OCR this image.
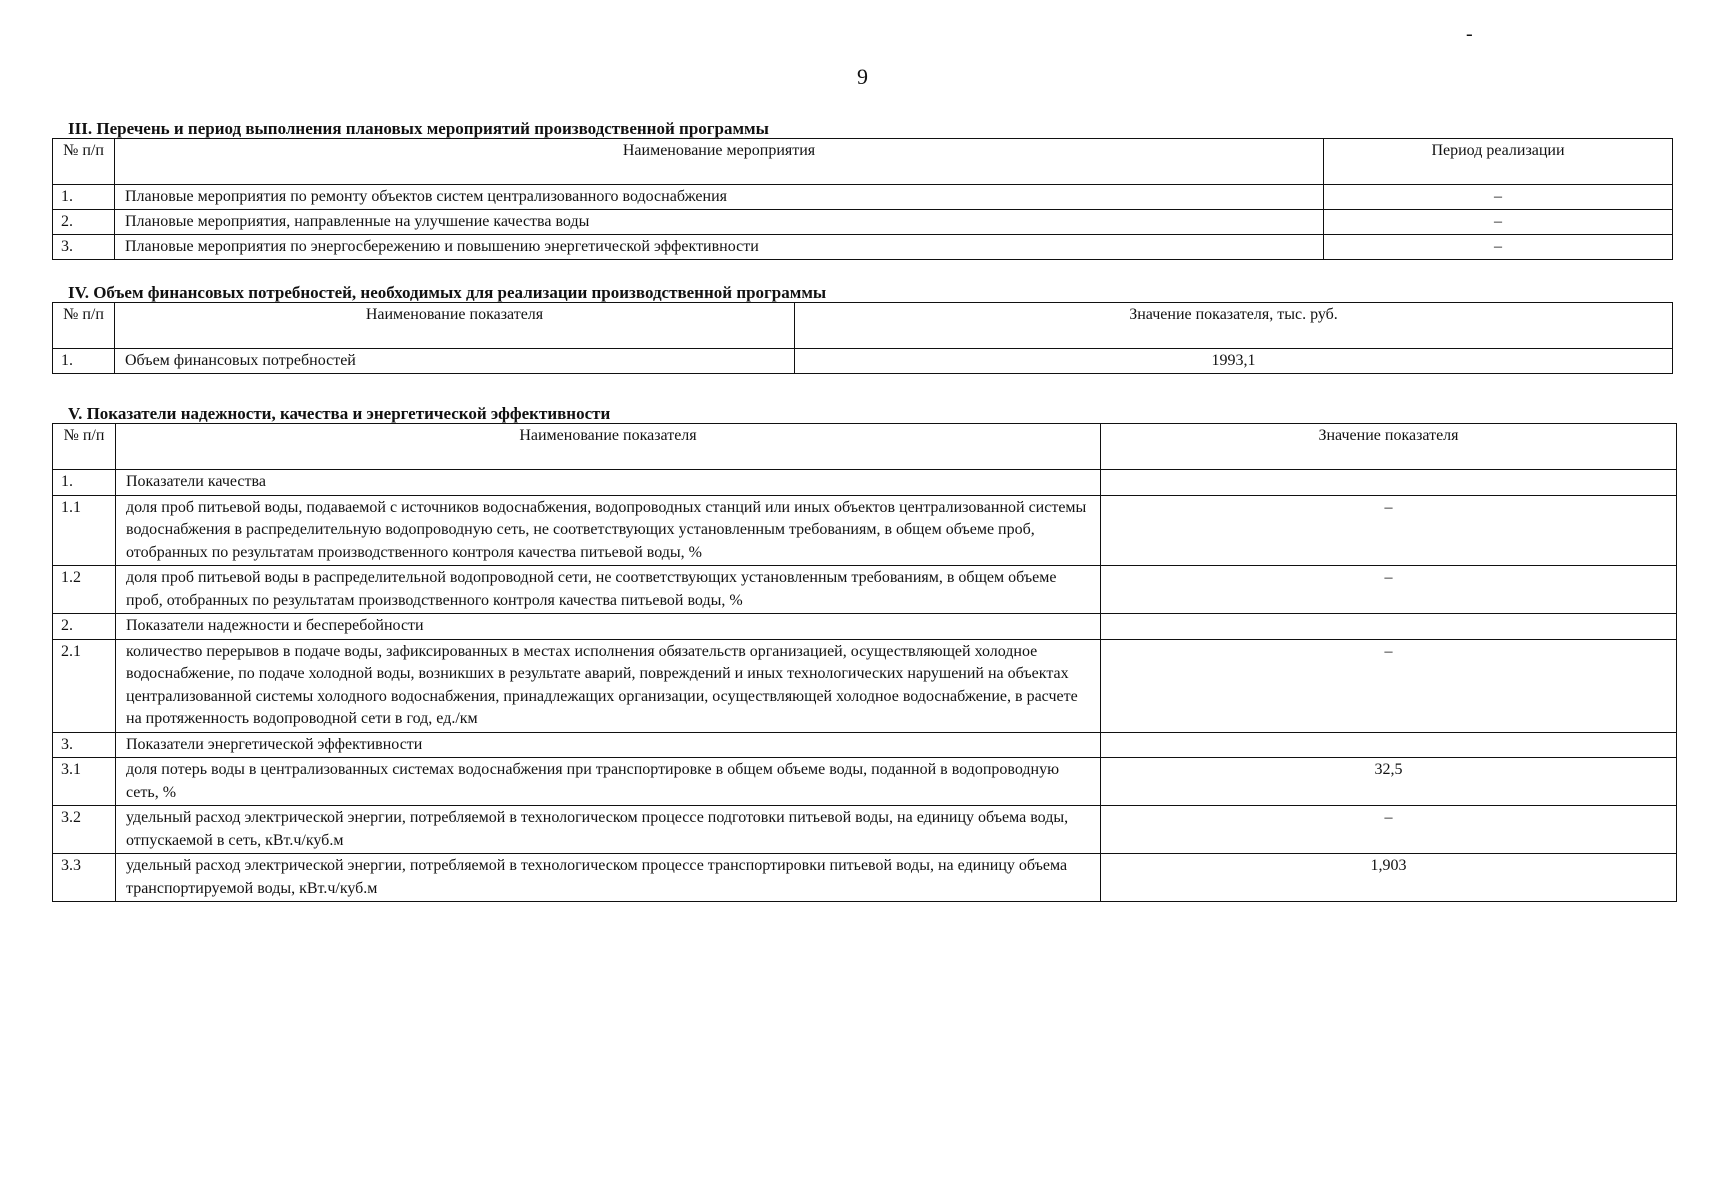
-
9
III. Перечень и период выполнения плановых мероприятий производственной программы
№ п/п	Наименование мероприятия	Период реализации
1.	Плановые мероприятия по ремонту объектов систем централизованного водоснабжения	–
2.	Плановые мероприятия, направленные на улучшение качества воды	–
3.	Плановые мероприятия по энергосбережению и повышению энергетической эффективности	–
IV. Объем финансовых потребностей, необходимых для реализации производственной программы
№ п/п	Наименование показателя	Значение показателя, тыс. руб.
1.	Объем финансовых потребностей	1993,1
V. Показатели надежности, качества и энергетической эффективности
№ п/п	Наименование показателя	Значение показателя
1.	Показатели качества	
1.1	доля проб питьевой воды, подаваемой с источников водоснабжения, водопроводных станций или иных объектов централизованной системы водоснабжения в распределительную водопроводную сеть, не соответствующих установленным требованиям, в общем объеме проб, отобранных по результатам производственного контроля качества питьевой воды, %	–
1.2	доля проб питьевой воды в распределительной водопроводной сети, не соответствующих установленным требованиям, в общем объеме проб, отобранных по результатам производственного контроля качества питьевой воды, %	–
2.	Показатели надежности и бесперебойности	
2.1	количество перерывов в подаче воды, зафиксированных в местах исполнения обязательств организацией, осуществляющей холодное водоснабжение, по подаче холодной воды, возникших в результате аварий, повреждений и иных технологических нарушений на объектах централизованной системы холодного водоснабжения, принадлежащих организации, осуществляющей холодное водоснабжение, в расчете на протяженность водопроводной сети в год, ед./км	–
3.	Показатели энергетической эффективности	
3.1	доля потерь воды в централизованных системах водоснабжения при транспортировке в общем объеме воды, поданной в водопроводную сеть, %	32,5
3.2	удельный расход электрической энергии, потребляемой в технологическом процессе подготовки питьевой воды, на единицу объема воды, отпускаемой в сеть, кВт.ч/куб.м	–
3.3	удельный расход электрической энергии, потребляемой в технологическом процессе транспортировки питьевой воды, на единицу объема транспортируемой воды, кВт.ч/куб.м	1,903
